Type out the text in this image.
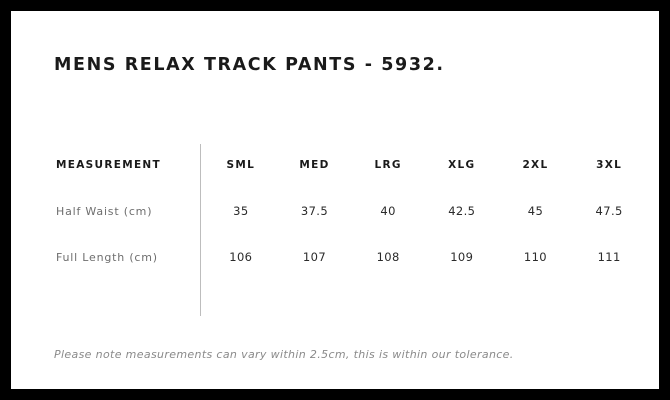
MENS RELAX TRACK PANTS - 5932.
MEASUREMENT	SML	MED	LRG	XLG	2XL	3XL
Half Waist (cm)	35	37.5	40	42.5	45	47.5
Full Length (cm)	106	107	108	109	110	111
Please note measurements can vary within 2.5cm, this is within our tolerance.
